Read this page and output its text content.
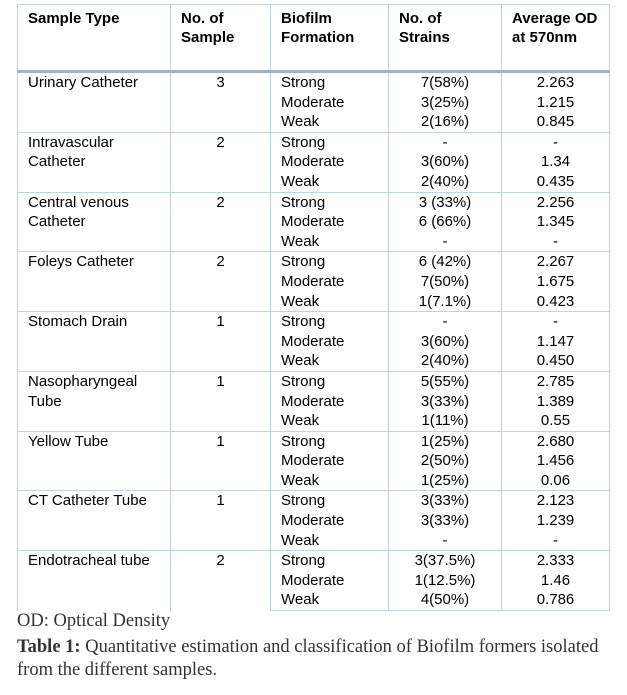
Sample Type	No. of Sample	Biofilm Formation	No. of Strains	Average OD at 570nm
Urinary Catheter	3	Strong	7(58%)	2.263
		Moderate	3(25%)	1.215
		Weak	2(16%)	0.845
Intravascular Catheter	2	Strong	-	-
		Moderate	3(60%)	1.34
		Weak	2(40%)	0.435
Central venous Catheter	2	Strong	3 (33%)	2.256
		Moderate	6 (66%)	1.345
		Weak	-	-
Foleys Catheter	2	Strong	6 (42%)	2.267
		Moderate	7(50%)	1.675
		Weak	1(7.1%)	0.423
Stomach Drain	1	Strong	-	-
		Moderate	3(60%)	1.147
		Weak	2(40%)	0.450
Nasopharyngeal Tube	1	Strong	5(55%)	2.785
		Moderate	3(33%)	1.389
		Weak	1(11%)	0.55
Yellow Tube	1	Strong	1(25%)	2.680
		Moderate	2(50%)	1.456
		Weak	1(25%)	0.06
CT Catheter Tube	1	Strong	3(33%)	2.123
		Moderate	3(33%)	1.239
		Weak	-	-
Endotracheal tube	2	Strong	3(37.5%)	2.333
		Moderate	1(12.5%)	1.46
		Weak	4(50%)	0.786
OD: Optical Density
Table 1: Quantitative estimation and classification of Biofilm formers isolated from the different samples.
